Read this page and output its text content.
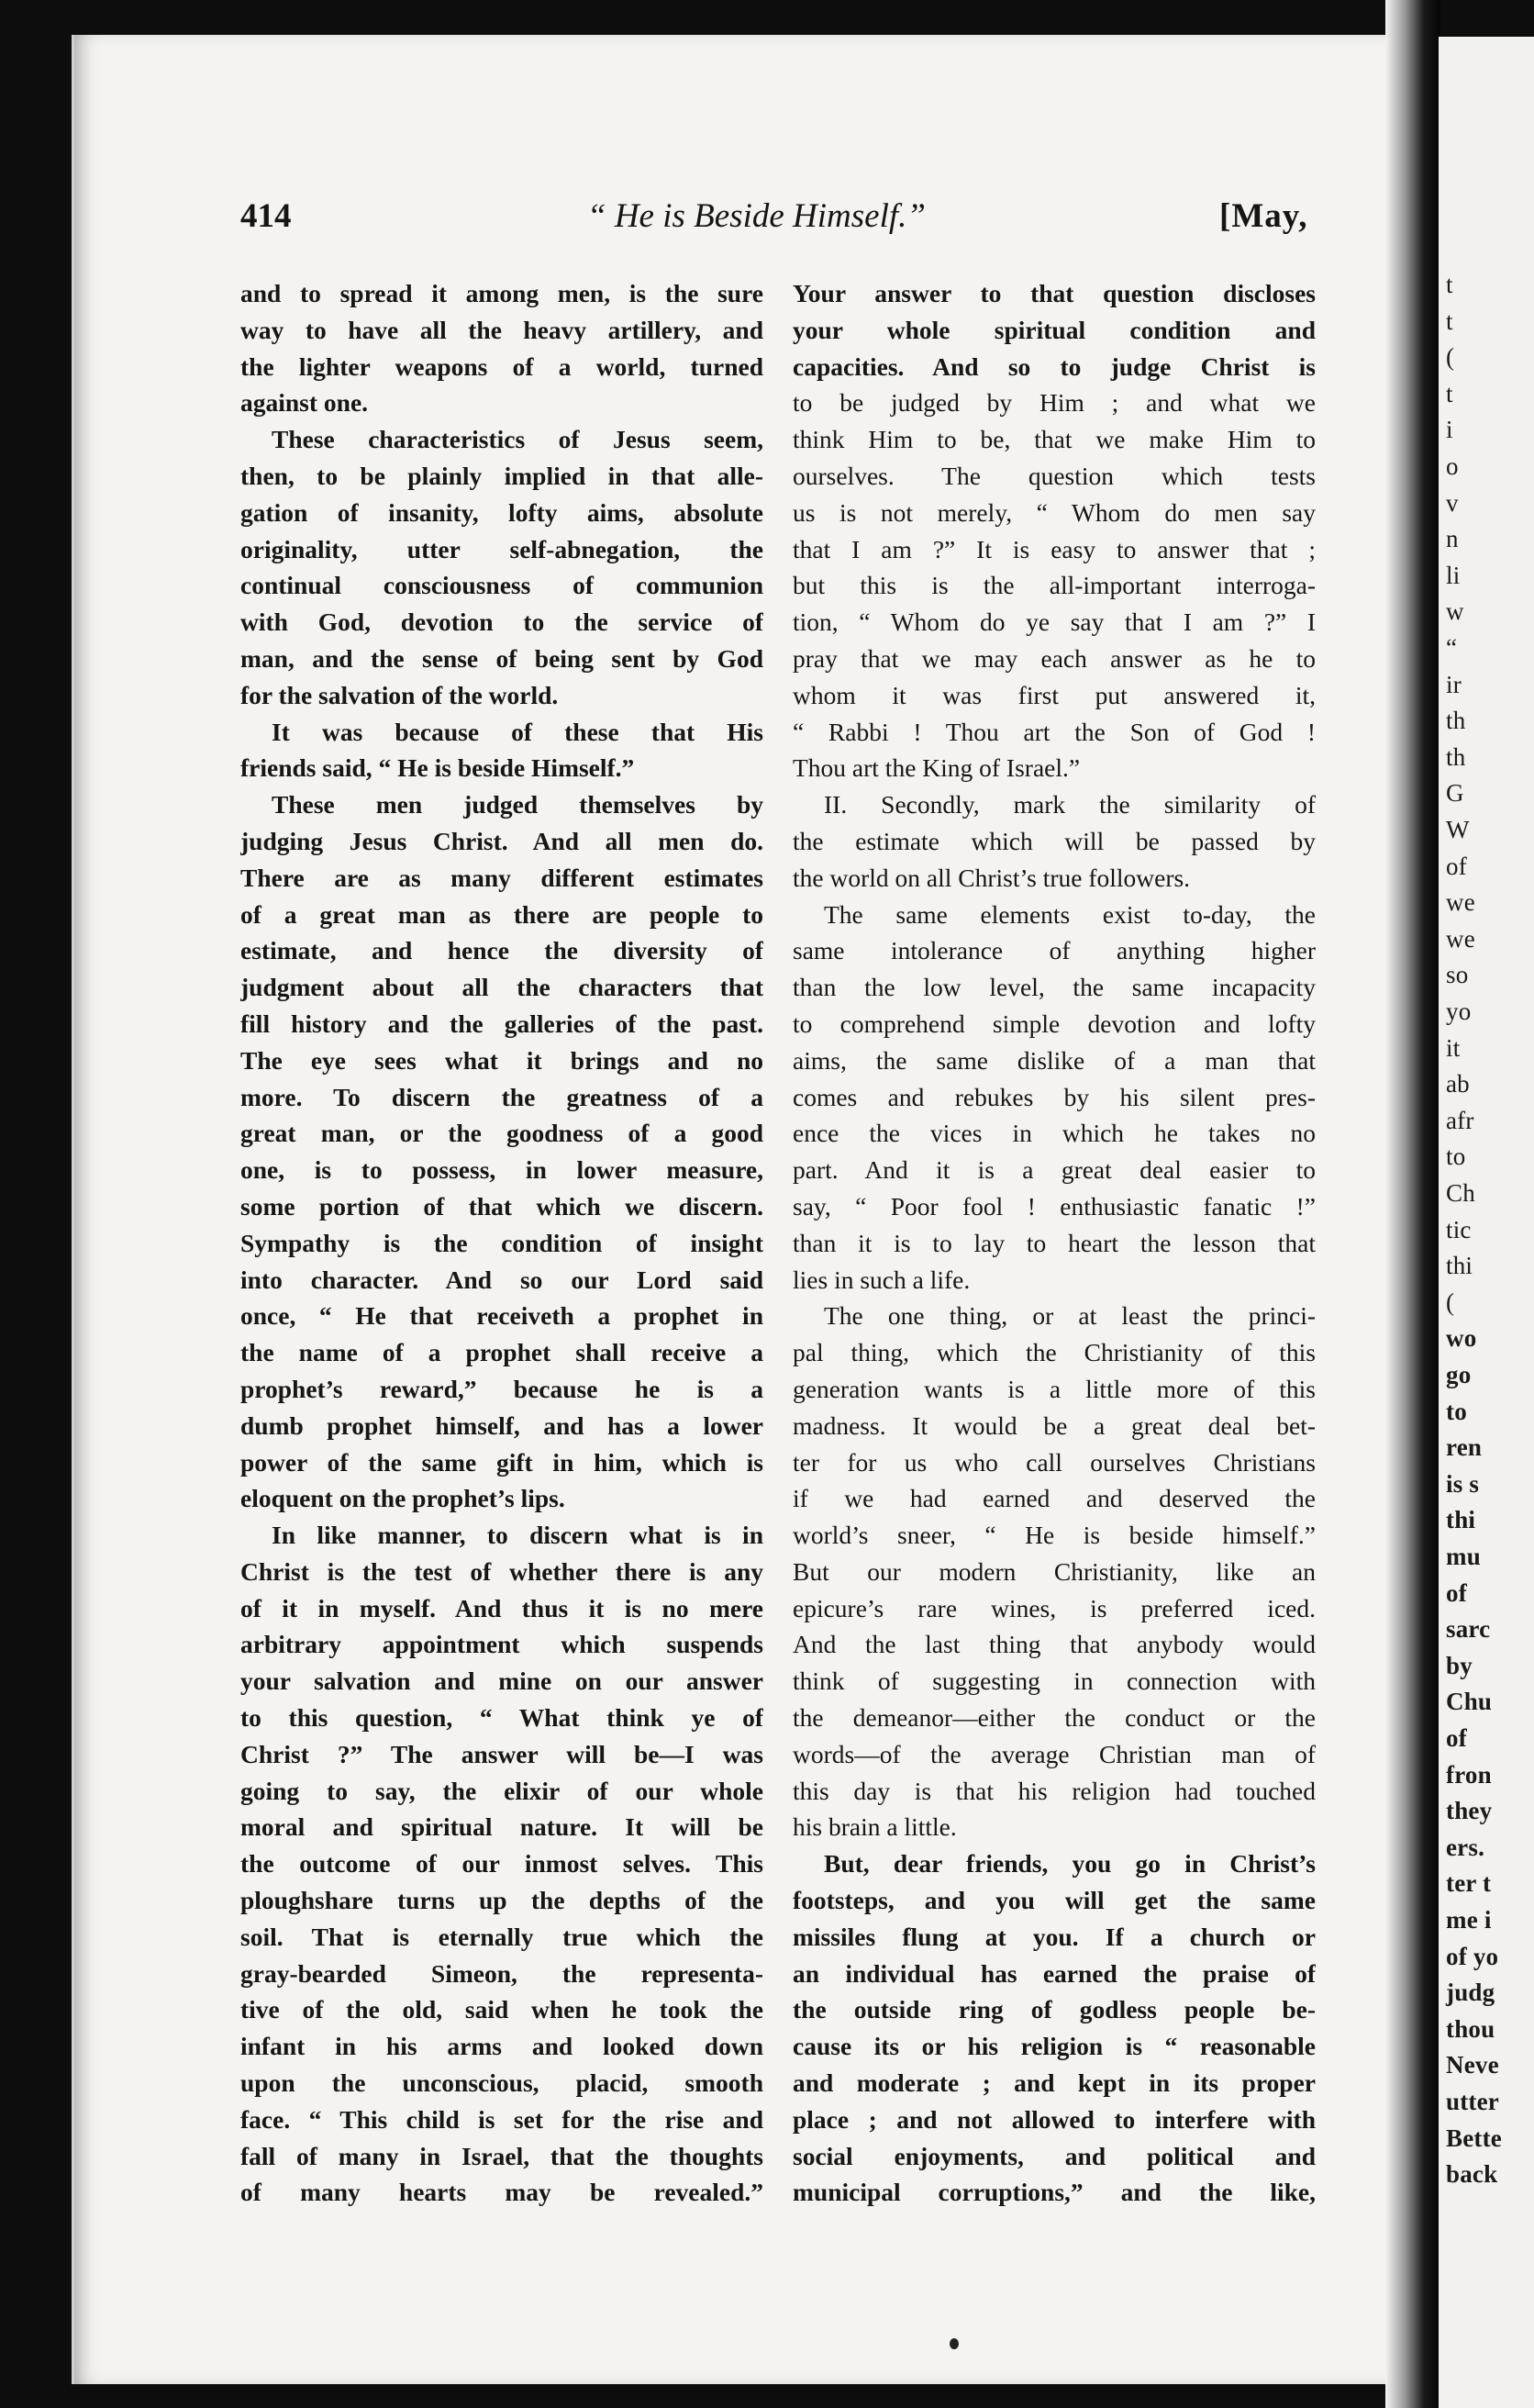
t
t
(
t
i
o
v
n
li
w
“
ir
th
th
G
W
of
we
we
so
yo
it
ab
afr
to
Ch
tic
thi
(
wo
go
to
ren
is s
thi
mu
of
sarc
by
Chu
of
fron
they
ers.
ter t
me i
of yo
judg
thou
Neve
utter
Bette
back
414	“ He is Beside Himself.”	[May,
and to spread it among men, is the sure
way to have all the heavy artillery, and
the lighter weapons of a world, turned
against one.
These characteristics of Jesus seem,
then, to be plainly implied in that alle-
gation of insanity, lofty aims, absolute
originality, utter self-abnegation, the
continual consciousness of communion
with God, devotion to the service of
man, and the sense of being sent by God
for the salvation of the world.
It was because of these that His
friends said, “ He is beside Himself.”
These men judged themselves by
judging Jesus Christ. And all men do.
There are as many different estimates
of a great man as there are people to
estimate, and hence the diversity of
judgment about all the characters that
fill history and the galleries of the past.
The eye sees what it brings and no
more. To discern the greatness of a
great man, or the goodness of a good
one, is to possess, in lower measure,
some portion of that which we discern.
Sympathy is the condition of insight
into character. And so our Lord said
once, “ He that receiveth a prophet in
the name of a prophet shall receive a
prophet’s reward,” because he is a
dumb prophet himself, and has a lower
power of the same gift in him, which is
eloquent on the prophet’s lips.
In like manner, to discern what is in
Christ is the test of whether there is any
of it in myself. And thus it is no mere
arbitrary appointment which suspends
your salvation and mine on our answer
to this question, “ What think ye of
Christ ?” The answer will be—I was
going to say, the elixir of our whole
moral and spiritual nature. It will be
the outcome of our inmost selves. This
ploughshare turns up the depths of the
soil. That is eternally true which the
gray-bearded Simeon, the representa-
tive of the old, said when he took the
infant in his arms and looked down
upon the unconscious, placid, smooth
face. “ This child is set for the rise and
fall of many in Israel, that the thoughts
of many hearts may be revealed.”
Your answer to that question discloses
your whole spiritual condition and
capacities. And so to judge Christ is
to be judged by Him ; and what we
think Him to be, that we make Him to
ourselves. The question which tests
us is not merely, “ Whom do men say
that I am ?” It is easy to answer that ;
but this is the all-important interroga-
tion, “ Whom do ye say that I am ?” I
pray that we may each answer as he to
whom it was first put answered it,
“ Rabbi ! Thou art the Son of God !
Thou art the King of Israel.”
II. Secondly, mark the similarity of
the estimate which will be passed by
the world on all Christ’s true followers.
The same elements exist to-day, the
same intolerance of anything higher
than the low level, the same incapacity
to comprehend simple devotion and lofty
aims, the same dislike of a man that
comes and rebukes by his silent pres-
ence the vices in which he takes no
part. And it is a great deal easier to
say, “ Poor fool ! enthusiastic fanatic !”
than it is to lay to heart the lesson that
lies in such a life.
The one thing, or at least the princi-
pal thing, which the Christianity of this
generation wants is a little more of this
madness. It would be a great deal bet-
ter for us who call ourselves Christians
if we had earned and deserved the
world’s sneer, “ He is beside himself.”
But our modern Christianity, like an
epicure’s rare wines, is preferred iced.
And the last thing that anybody would
think of suggesting in connection with
the demeanor—either the conduct or the
words—of the average Christian man of
this day is that his religion had touched
his brain a little.
But, dear friends, you go in Christ’s
footsteps, and you will get the same
missiles flung at you. If a church or
an individual has earned the praise of
the outside ring of godless people be-
cause its or his religion is “ reasonable
and moderate ; and kept in its proper
place ; and not allowed to interfere with
social enjoyments, and political and
municipal corruptions,” and the like,
